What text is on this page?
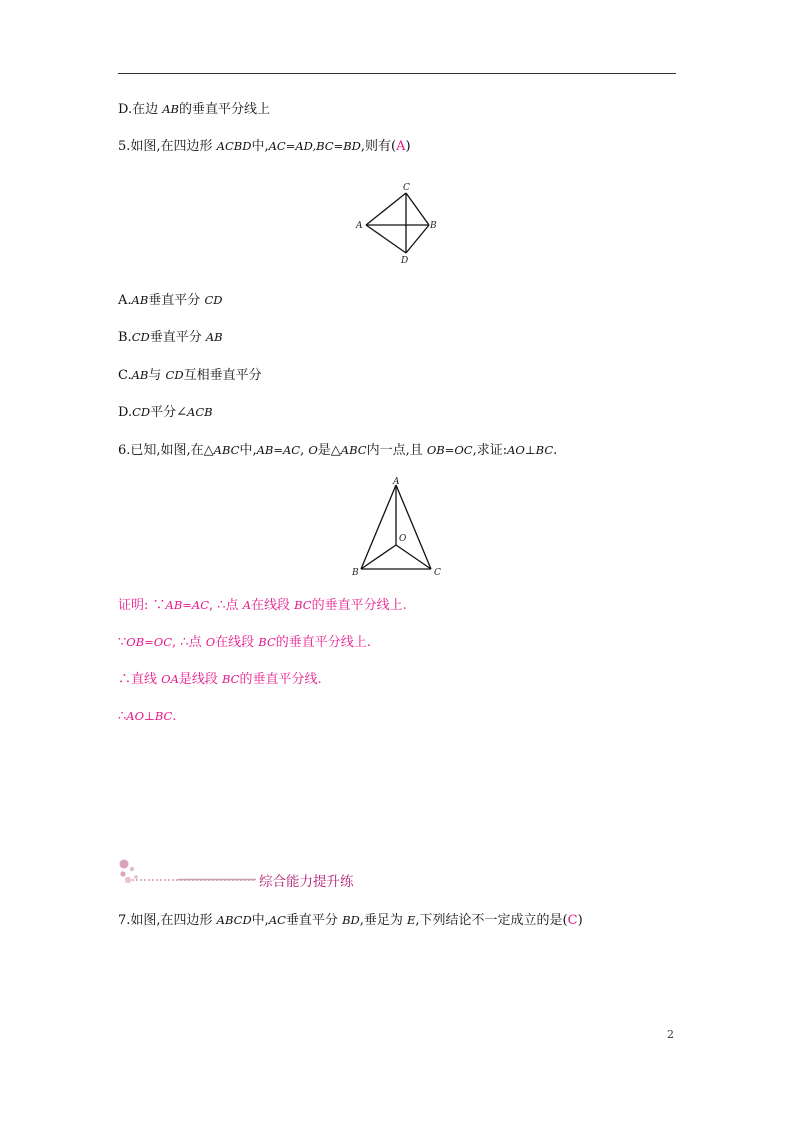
D.在边 AB的垂直平分线上
5.如图,在四边形 ACBD中,AC=AD,BC=BD,则有(A)
C
A	B
D
A.AB垂直平分 CD
B.CD垂直平分 AB
C.AB与 CD互相垂直平分
D.CD平分∠ACB
6.已知,如图,在△ABC中,AB=AC, O是△ABC内一点,且 OB=OC,求证:AO⊥BC.
A
O
B	C
证明: ∵AB=AC, ∴点 A在线段 BC的垂直平分线上.
∵OB=OC, ∴点 O在线段 BC的垂直平分线上.
∴直线 OA是线段 BC的垂直平分线.
∴AO⊥BC.
综合能力提升练
7.如图,在四边形 ABCD中,AC垂直平分 BD,垂足为 E,下列结论不一定成立的是(C)
2
